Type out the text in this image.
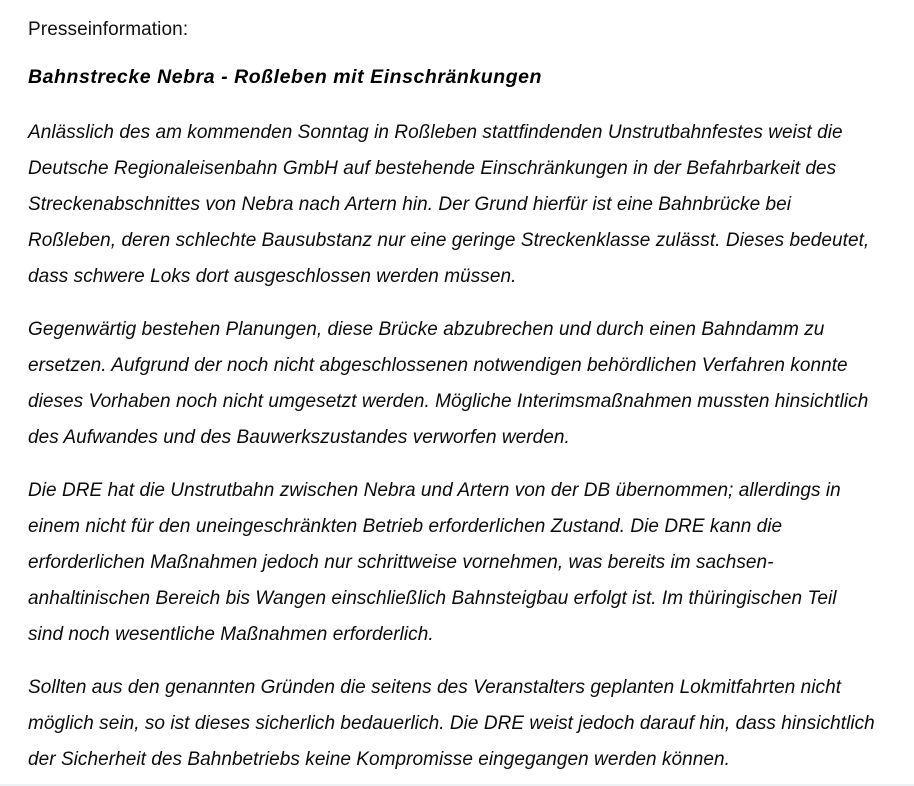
Presseinformation:

Bahnstrecke Nebra - Roßleben mit Einschränkungen

Anlässlich des am kommenden Sonntag in Roßleben stattfindenden Unstrutbahnfestes weist die
Deutsche Regionaleisenbahn GmbH auf bestehende Einschränkungen in der Befahrbarkeit des
Streckenabschnittes von Nebra nach Artern hin. Der Grund hierfür ist eine Bahnbrücke bei
Roßleben, deren schlechte Bausubstanz nur eine geringe Streckenklasse zulässt. Dieses bedeutet,
dass schwere Loks dort ausgeschlossen werden müssen.

Gegenwärtig bestehen Planungen, diese Brücke abzubrechen und durch einen Bahndamm zu
ersetzen. Aufgrund der noch nicht abgeschlossenen notwendigen behördlichen Verfahren konnte
dieses Vorhaben noch nicht umgesetzt werden. Mögliche Interimsmaßnahmen mussten hinsichtlich
des Aufwandes und des Bauwerkszustandes verworfen werden.

Die DRE hat die Unstrutbahn zwischen Nebra und Artern von der DB übernommen; allerdings in
einem nicht für den uneingeschränkten Betrieb erforderlichen Zustand. Die DRE kann die
erforderlichen Maßnahmen jedoch nur schrittweise vornehmen, was bereits im sachsen-
anhaltinischen Bereich bis Wangen einschließlich Bahnsteigbau erfolgt ist. Im thüringischen Teil
sind noch wesentliche Maßnahmen erforderlich.

Sollten aus den genannten Gründen die seitens des Veranstalters geplanten Lokmitfahrten nicht
möglich sein, so ist dieses sicherlich bedauerlich. Die DRE weist jedoch darauf hin, dass hinsichtlich
der Sicherheit des Bahnbetriebs keine Kompromisse eingegangen werden können.
